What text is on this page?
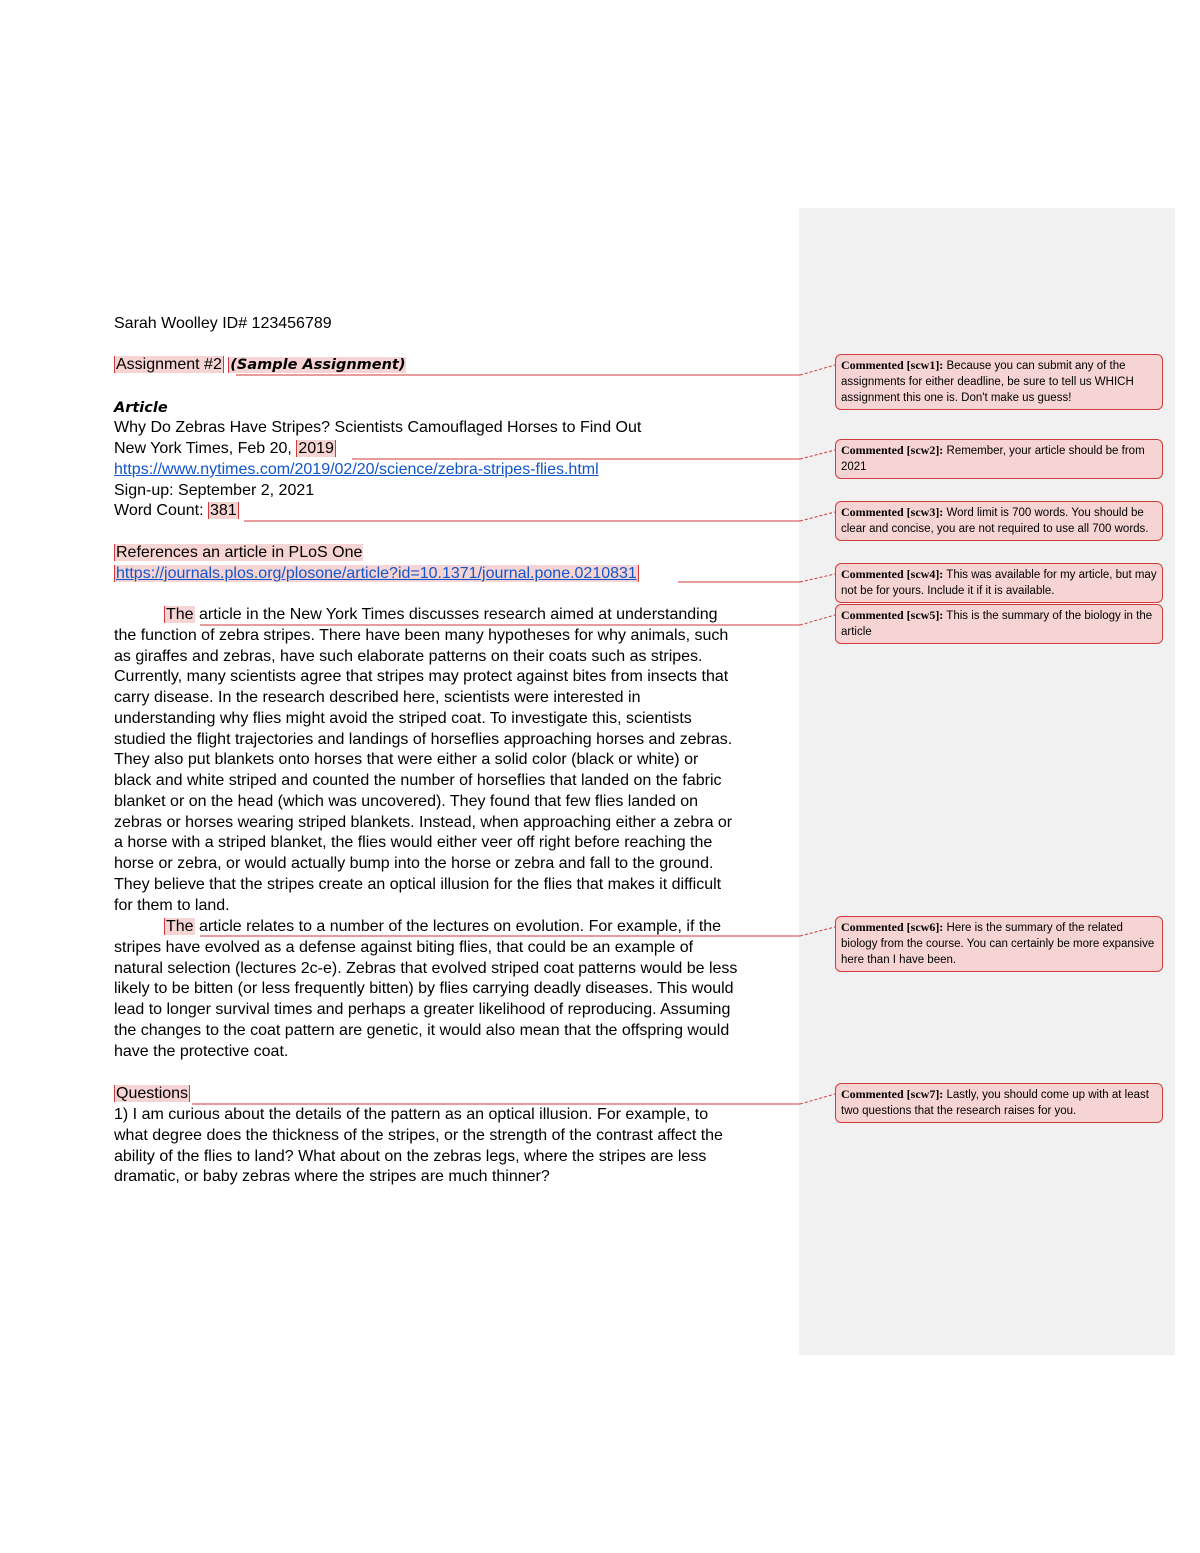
Sarah Woolley ID# 123456789
Assignment #2 (Sample Assignment)
Article
Why Do Zebras Have Stripes? Scientists Camouflaged Horses to Find Out
New York Times, Feb 20, 2019
https://www.nytimes.com/2019/02/20/science/zebra-stripes-flies.html
Sign-up: September 2, 2021
Word Count: 381
References an article in PLoS One
https://journals.plos.org/plosone/article?id=10.1371/journal.pone.0210831
The article in the New York Times discusses research aimed at understanding
the function of zebra stripes. There have been many hypotheses for why animals, such
as giraffes and zebras, have such elaborate patterns on their coats such as stripes.
Currently, many scientists agree that stripes may protect against bites from insects that
carry disease. In the research described here, scientists were interested in
understanding why flies might avoid the striped coat. To investigate this, scientists
studied the flight trajectories and landings of horseflies approaching horses and zebras.
They also put blankets onto horses that were either a solid color (black or white) or
black and white striped and counted the number of horseflies that landed on the fabric
blanket or on the head (which was uncovered). They found that few flies landed on
zebras or horses wearing striped blankets. Instead, when approaching either a zebra or
a horse with a striped blanket, the flies would either veer off right before reaching the
horse or zebra, or would actually bump into the horse or zebra and fall to the ground.
They believe that the stripes create an optical illusion for the flies that makes it difficult
for them to land.
The article relates to a number of the lectures on evolution. For example, if the
stripes have evolved as a defense against biting flies, that could be an example of
natural selection (lectures 2c-e). Zebras that evolved striped coat patterns would be less
likely to be bitten (or less frequently bitten) by flies carrying deadly diseases. This would
lead to longer survival times and perhaps a greater likelihood of reproducing. Assuming
the changes to the coat pattern are genetic, it would also mean that the offspring would
have the protective coat.
Questions
1) I am curious about the details of the pattern as an optical illusion. For example, to
what degree does the thickness of the stripes, or the strength of the contrast affect the
ability of the flies to land? What about on the zebras legs, where the stripes are less
dramatic, or baby zebras where the stripes are much thinner?
Commented [scw1]: Because you can submit any of the assignments for either deadline, be sure to tell us WHICH assignment this one is. Don't make us guess!
Commented [scw2]: Remember, your article should be from 2021
Commented [scw3]: Word limit is 700 words. You should be clear and concise, you are not required to use all 700 words.
Commented [scw4]: This was available for my article, but may not be for yours. Include it if it is available.
Commented [scw5]: This is the summary of the biology in the article
Commented [scw6]: Here is the summary of the related biology from the course. You can certainly be more expansive here than I have been.
Commented [scw7]: Lastly, you should come up with at least two questions that the research raises for you.
